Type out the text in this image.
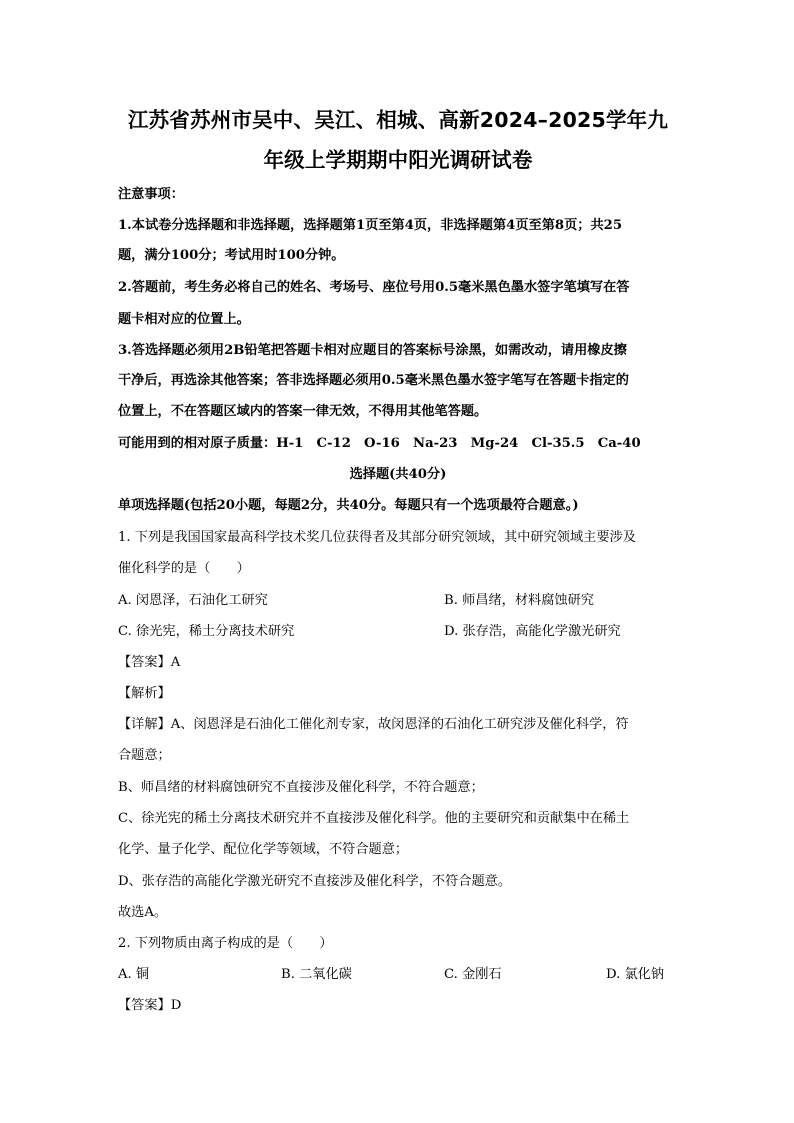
江苏省苏州市吴中、吴江、相城、高新2024–2025学年九
年级上学期期中阳光调研试卷
注意事项：
1.本试卷分选择题和非选择题，选择题第1页至第4页，非选择题第4页至第8页；共25
题，满分100分；考试用时100分钟。
2.答题前，考生务必将自己的姓名、考场号、座位号用0.5毫米黑色墨水签字笔填写在答
题卡相对应的位置上。
3.答选择题必须用2B铅笔把答题卡相对应题目的答案标号涂黑，如需改动，请用橡皮擦
干净后，再选涂其他答案；答非选择题必须用0.5毫米黑色墨水签字笔写在答题卡指定的
位置上，不在答题区域内的答案一律无效，不得用其他笔答题。
可能用到的相对原子质量：H-1　C-12　O-16　Na-23　Mg-24　Cl-35.5　Ca-40
选择题(共40分)
单项选择题(包括20小题，每题2分，共40分。每题只有一个选项最符合题意。)
1. 下列是我国国家最高科学技术奖几位获得者及其部分研究领域，其中研究领域主要涉及
催化科学的是（　　）
A. 闵恩泽，石油化工研究	B. 师昌绪，材料腐蚀研究
C. 徐光宪，稀土分离技术研究	D. 张存浩，高能化学激光研究
【答案】A
【解析】
【详解】A、闵恩泽是石油化工催化剂专家，故闵恩泽的石油化工研究涉及催化科学，符
合题意；
B、师昌绪的材料腐蚀研究不直接涉及催化科学，不符合题意；
C、徐光宪的稀土分离技术研究并不直接涉及催化科学。他的主要研究和贡献集中在稀土
化学、量子化学、配位化学等领域，不符合题意；
D、张存浩的高能化学激光研究不直接涉及催化科学，不符合题意。
故选A。
2. 下列物质由离子构成的是（　　）
A. 铜	B. 二氧化碳	C. 金刚石	D. 氯化钠
【答案】D
